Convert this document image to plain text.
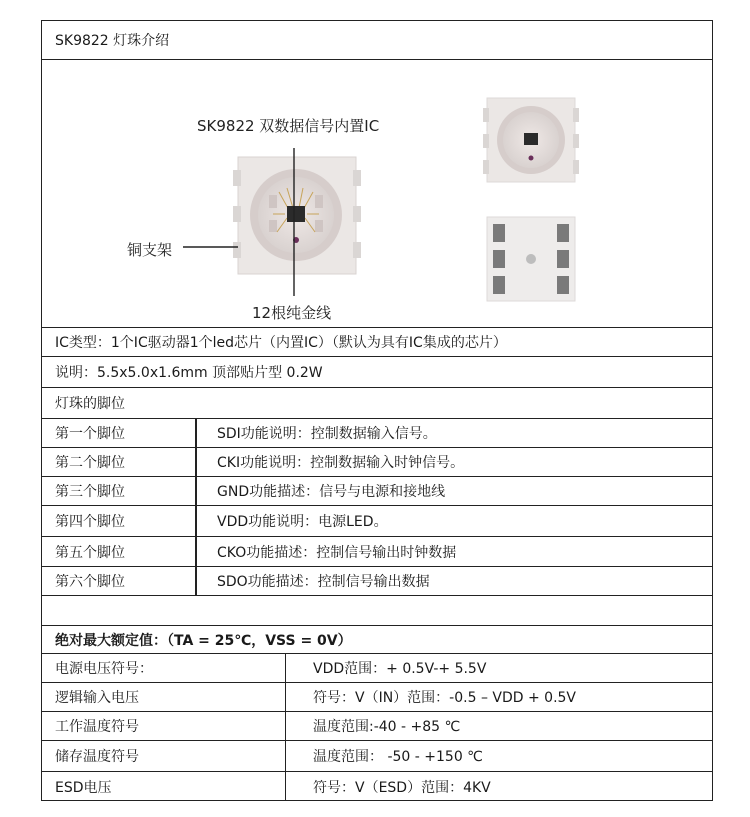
SK9822 灯珠介绍
SK9822 双数据信号内置IC
铜支架
12根纯金线
IC类型：1个IC驱动器1个led芯片（内置IC）（默认为具有IC集成的芯片）
说明：5.5x5.0x1.6mm 顶部贴片型 0.2W
灯珠的脚位
第一个脚位	SDI功能说明：控制数据输入信号。
第二个脚位	CKI功能说明：控制数据输入时钟信号。
第三个脚位	GND功能描述：信号与电源和接地线
第四个脚位	VDD功能说明：电源LED。
第五个脚位	CKO功能描述：控制信号输出时钟数据
第六个脚位	SDO功能描述：控制信号输出数据
绝对最大额定值：（TA = 25℃，VSS = 0V）
电源电压符号：	VDD范围：+ 0.5V-+ 5.5V
逻辑输入电压	符号：V（IN）范围：-0.5 – VDD + 0.5V
工作温度符号	温度范围:-40 - +85 ℃
储存温度符号	温度范围： -50 - +150 ℃
ESD电压	符号：V（ESD）范围：4KV
